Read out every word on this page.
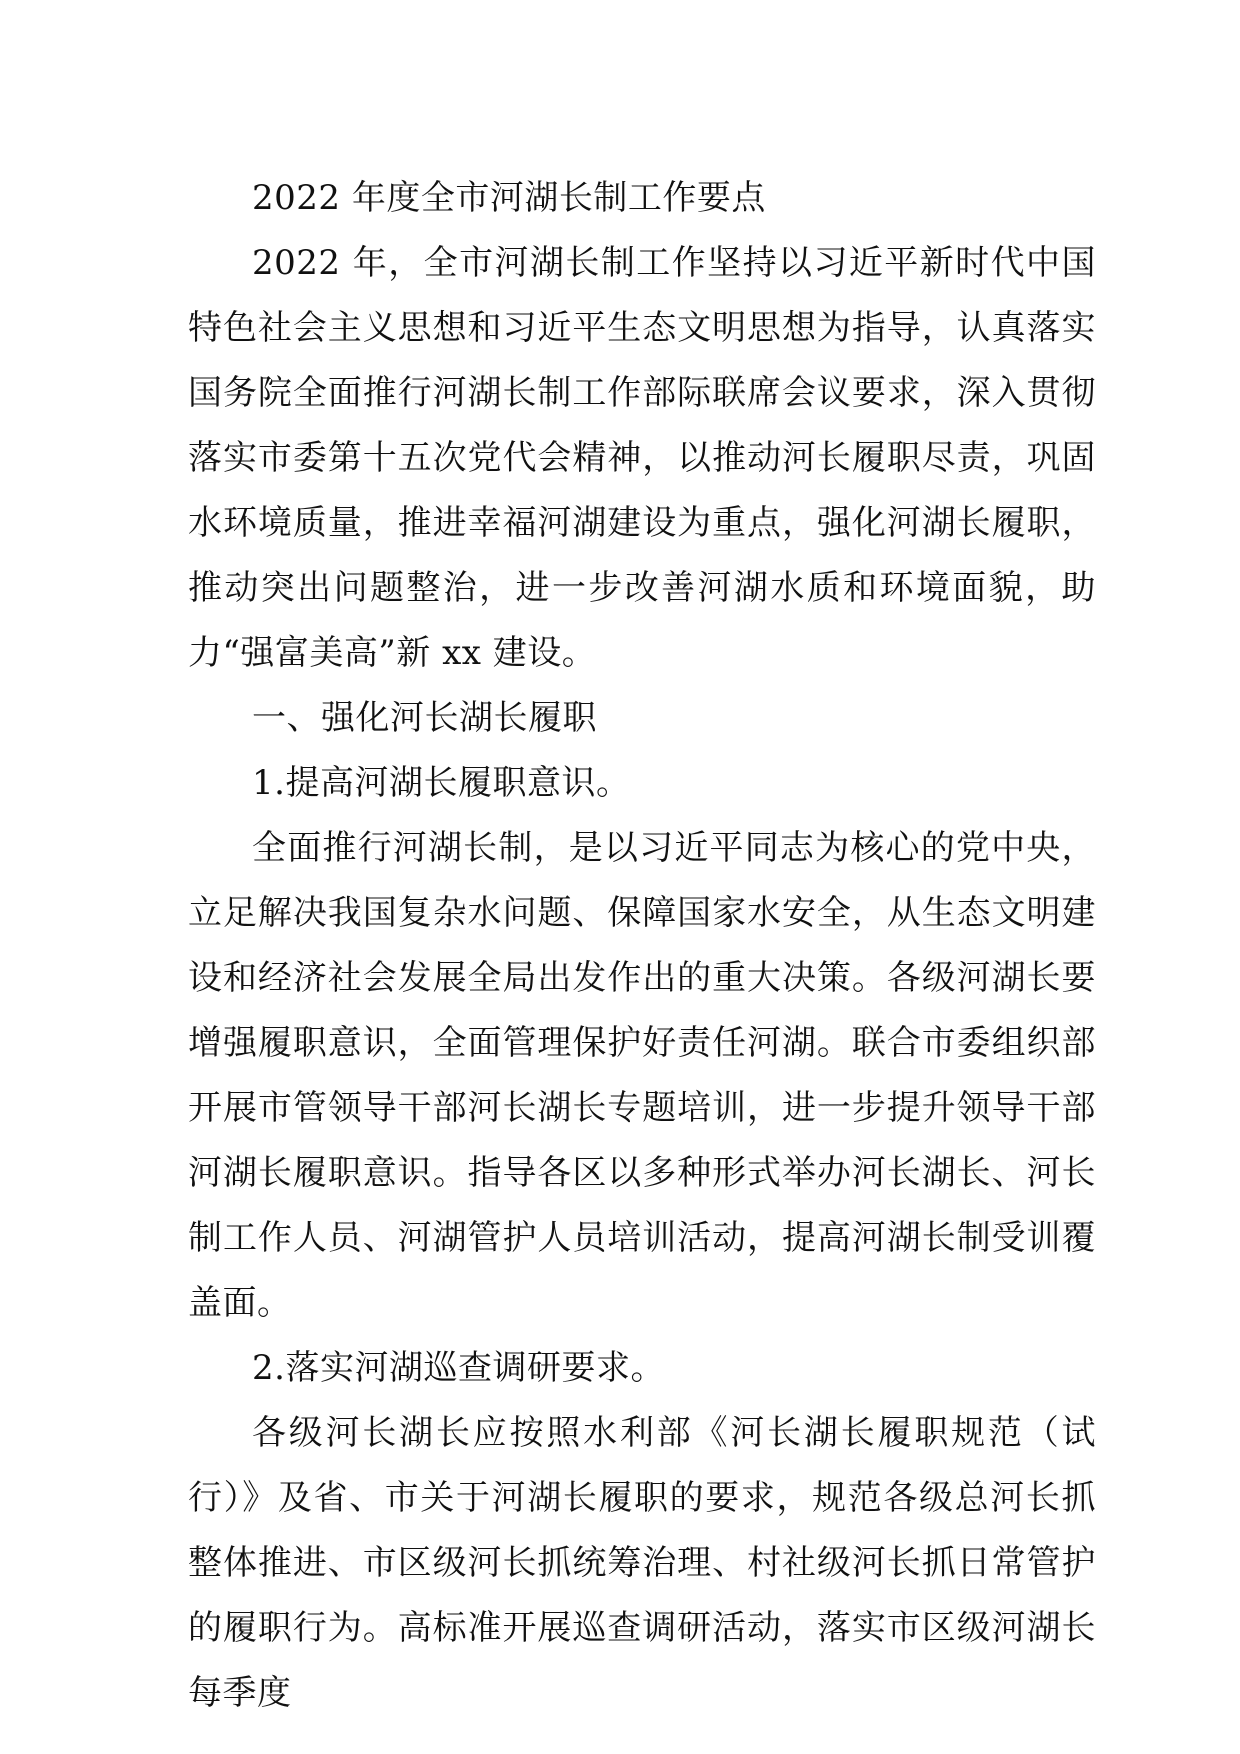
2022 年度全市河湖长制工作要点

2022 年，全市河湖长制工作坚持以习近平新时代中国特色社会主义思想和习近平生态文明思想为指导，认真落实国务院全面推行河湖长制工作部际联席会议要求，深入贯彻落实市委第十五次党代会精神，以推动河长履职尽责，巩固水环境质量，推进幸福河湖建设为重点，强化河湖长履职，推动突出问题整治，进一步改善河湖水质和环境面貌，助力“强富美高”新 xx 建设。

一、强化河长湖长履职

1.提高河湖长履职意识。

全面推行河湖长制，是以习近平同志为核心的党中央，立足解决我国复杂水问题、保障国家水安全，从生态文明建设和经济社会发展全局出发作出的重大决策。各级河湖长要增强履职意识，全面管理保护好责任河湖。联合市委组织部开展市管领导干部河长湖长专题培训，进一步提升领导干部河湖长履职意识。指导各区以多种形式举办河长湖长、河长制工作人员、河湖管护人员培训活动，提高河湖长制受训覆盖面。

2.落实河湖巡查调研要求。

各级河长湖长应按照水利部《河长湖长履职规范（试行）》及省、市关于河湖长履职的要求，规范各级总河长抓整体推进、市区级河长抓统筹治理、村社级河长抓日常管护的履职行为。高标准开展巡查调研活动，落实市区级河湖长每季度
